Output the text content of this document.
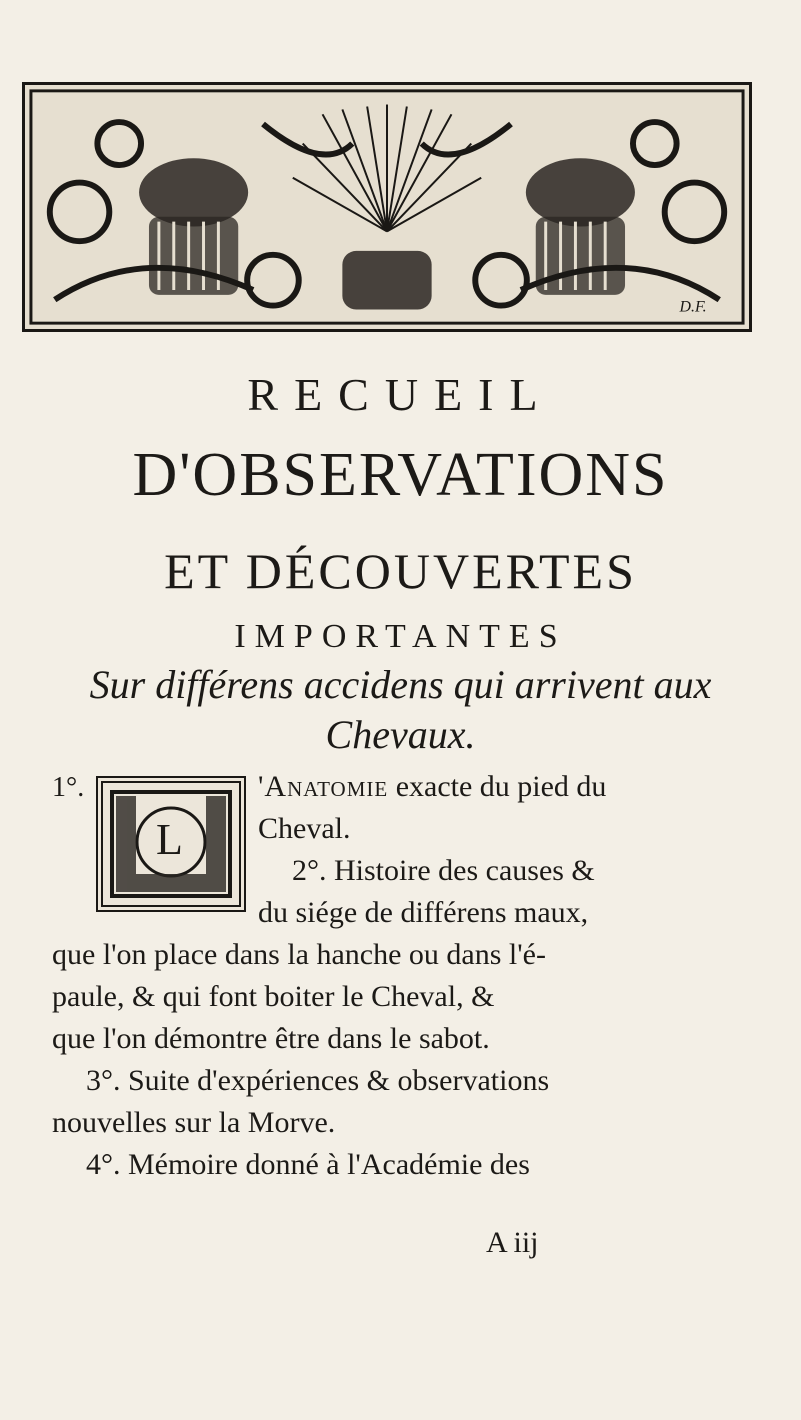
D.F.
RECUEIL
D'OBSERVATIONS
ET DÉCOUVERTES
IMPORTANTES
Sur différens accidens qui arrivent aux
Chevaux.
1°.
L
'Anatomie exacte du pied du
Cheval.
2°. Histoire des causes &
du siége de différens maux,
que l'on place dans la hanche ou dans l'é-
paule, & qui font boiter le Cheval, &
que l'on démontre être dans le sabot.
3°. Suite d'expériences & observations
nouvelles sur la Morve.
4°. Mémoire donné à l'Académie des
A iij
